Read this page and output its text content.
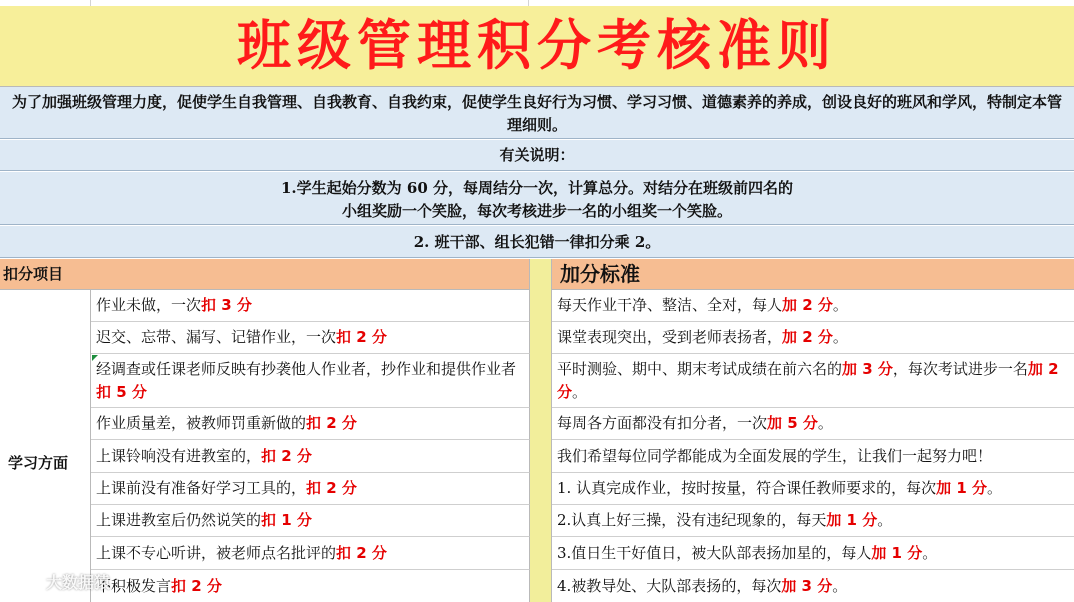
班级管理积分考核准则
为了加强班级管理力度，促使学生自我管理、自我教育、自我约束，促使学生良好行为习惯、学习习惯、道德素养的养成，创设良好的班风和学风，特制定本管理细则。
有关说明：
1.学生起始分数为 60 分，每周结分一次，计算总分。对结分在班级前四名的
小组奖励一个笑脸，每次考核进步一名的小组奖一个笑脸。
2. 班干部、组长犯错一律扣分乘 2。
扣分项目	加分标准
学习方面
作业未做，一次扣 3 分
迟交、忘带、漏写、记错作业，一次扣 2 分
经调查或任课老师反映有抄袭他人作业者，抄作业和提供作业者扣 5 分
作业质量差，被教师罚重新做的扣 2 分
上课铃响没有进教室的，扣 2 分
上课前没有准备好学习工具的，扣 2 分
上课进教室后仍然说笑的扣 1 分
上课不专心听讲，被老师点名批评的扣 2 分
不积极发言扣 2 分
每天作业干净、整洁、全对，每人加 2 分。
课堂表现突出，受到老师表扬者，加 2 分。
平时测验、期中、期末考试成绩在前六名的加 3 分，每次考试进步一名加 2 分。
每周各方面都没有扣分者，一次加 5 分。
我们希望每位同学都能成为全面发展的学生，让我们一起努力吧！
1. 认真完成作业，按时按量，符合课任教师要求的，每次加 1 分。
2.认真上好三操，没有违纪现象的，每天加 1 分。
3.值日生干好值日，被大队部表扬加星的，每人加 1 分。
4.被教导处、大队部表扬的，每次加 3 分。
大数据猿
